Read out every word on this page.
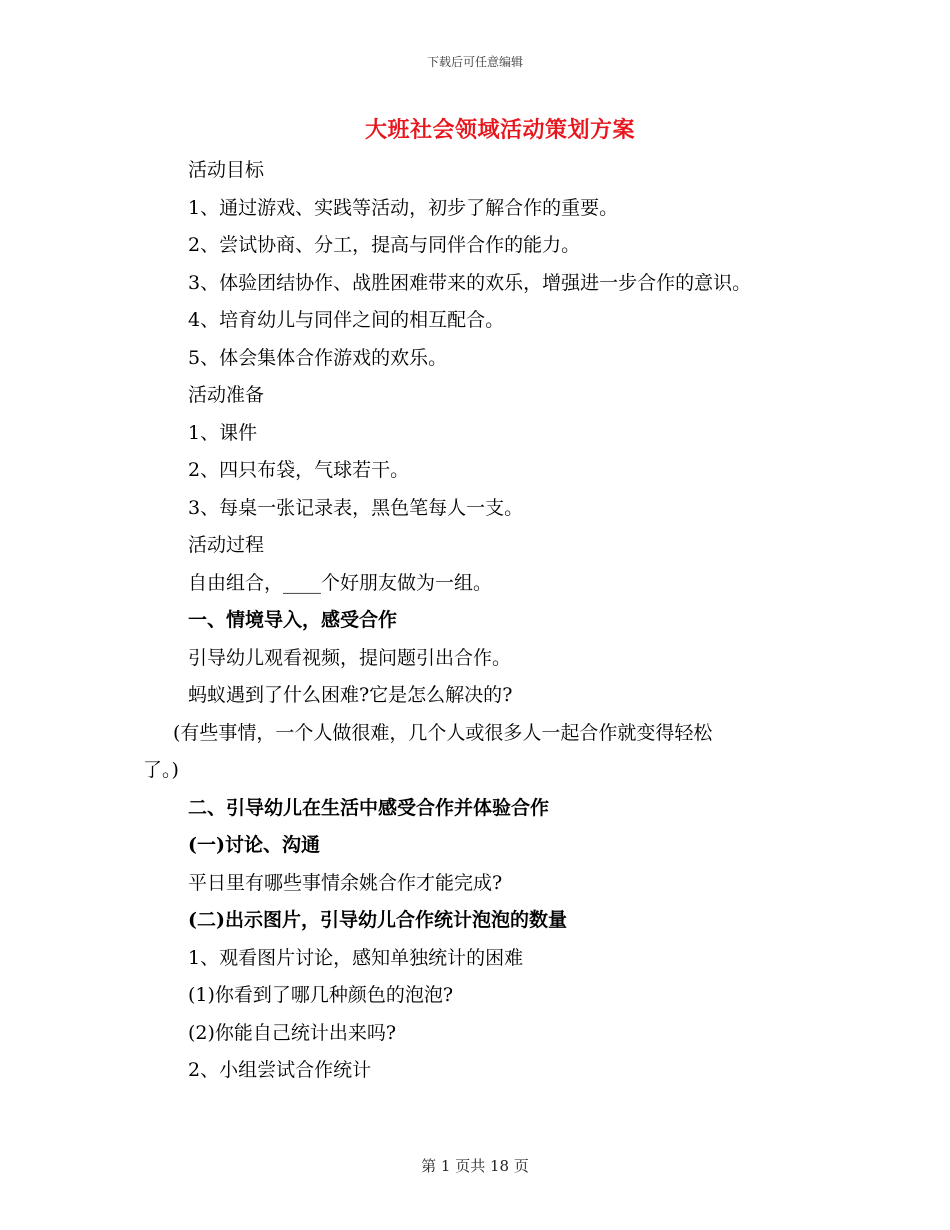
下载后可任意编辑
大班社会领域活动策划方案
活动目标
1、通过游戏、实践等活动，初步了解合作的重要。
2、尝试协商、分工，提高与同伴合作的能力。
3、体验团结协作、战胜困难带来的欢乐，增强进一步合作的意识。
4、培育幼儿与同伴之间的相互配合。
5、体会集体合作游戏的欢乐。
活动准备
1、课件
2、四只布袋，气球若干。
3、每桌一张记录表，黑色笔每人一支。
活动过程
自由组合，____个好朋友做为一组。
一、情境导入，感受合作
引导幼儿观看视频，提问题引出合作。
蚂蚁遇到了什么困难?它是怎么解决的?
(有些事情，一个人做很难，几个人或很多人一起合作就变得轻松
了。)
二、引导幼儿在生活中感受合作并体验合作
(一)讨论、沟通
平日里有哪些事情余姚合作才能完成?
(二)出示图片，引导幼儿合作统计泡泡的数量
1、观看图片讨论，感知单独统计的困难
(1)你看到了哪几种颜色的泡泡?
(2)你能自己统计出来吗?
2、小组尝试合作统计
第 1 页共 18 页
